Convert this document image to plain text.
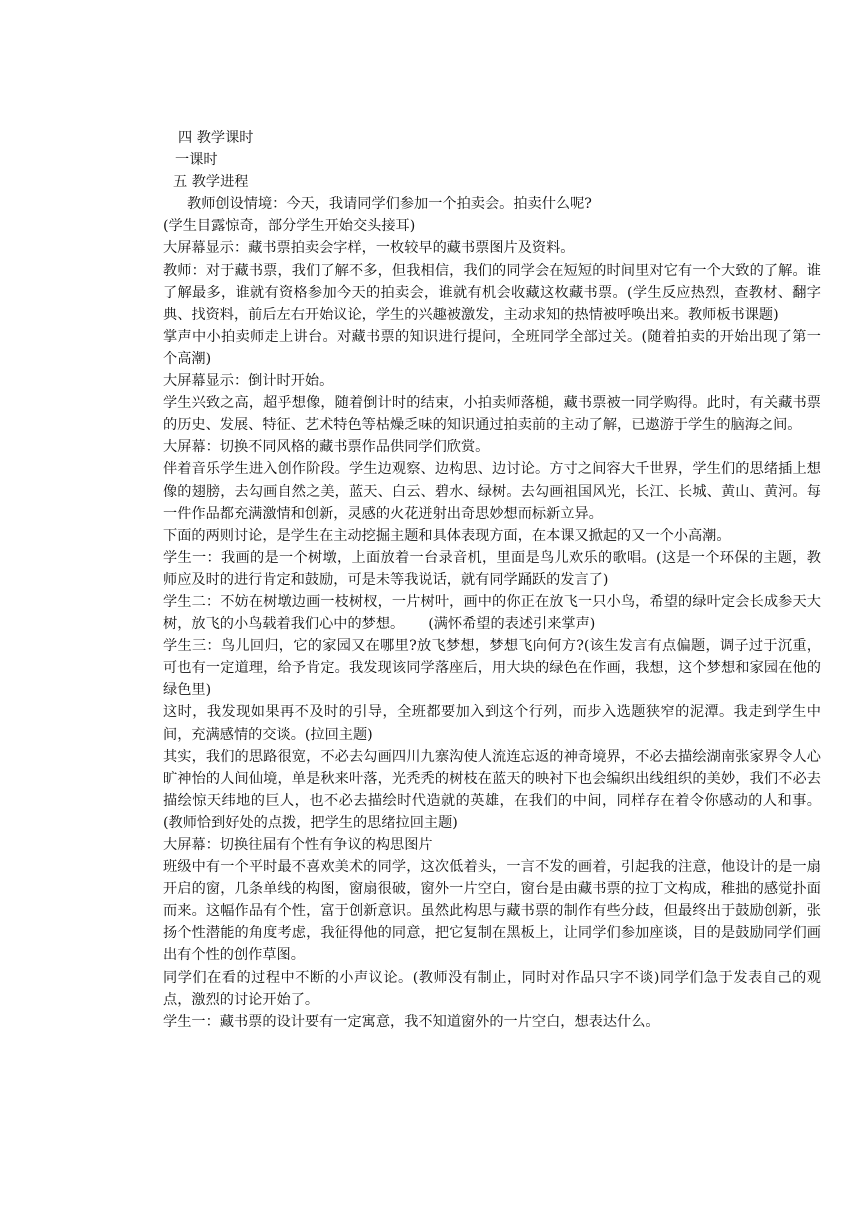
四 教学课时

一课时

五 教学进程

教师创设情境：今天，我请同学们参加一个拍卖会。拍卖什么呢?

(学生目露惊奇，部分学生开始交头接耳)

大屏幕显示：藏书票拍卖会字样，一枚较早的藏书票图片及资料。

教师：对于藏书票，我们了解不多，但我相信，我们的同学会在短短的时间里对它有一个大致的了解。谁了解最多，谁就有资格参加今天的拍卖会，谁就有机会收藏这枚藏书票。(学生反应热烈，查教材、翻字典、找资料，前后左右开始议论，学生的兴趣被激发，主动求知的热情被呼唤出来。教师板书课题)

掌声中小拍卖师走上讲台。对藏书票的知识进行提问，全班同学全部过关。(随着拍卖的开始出现了第一个高潮)

大屏幕显示：倒计时开始。

学生兴致之高，超乎想像，随着倒计时的结束，小拍卖师落槌，藏书票被一同学购得。此时，有关藏书票的历史、发展、特征、艺术特色等枯燥乏味的知识通过拍卖前的主动了解，已遨游于学生的脑海之间。

大屏幕：切换不同风格的藏书票作品供同学们欣赏。

伴着音乐学生进入创作阶段。学生边观察、边构思、边讨论。方寸之间容大千世界，学生们的思绪插上想像的翅膀，去勾画自然之美，蓝天、白云、碧水、绿树。去勾画祖国风光，长江、长城、黄山、黄河。每一件作品都充满激情和创新，灵感的火花迸射出奇思妙想而标新立异。

下面的两则讨论，是学生在主动挖掘主题和具体表现方面，在本课又掀起的又一个小高潮。

学生一：我画的是一个树墩，上面放着一台录音机，里面是鸟儿欢乐的歌唱。(这是一个环保的主题，教师应及时的进行肯定和鼓励，可是未等我说话，就有同学踊跃的发言了)

学生二：不妨在树墩边画一枝树杈，一片树叶，画中的你正在放飞一只小鸟，希望的绿叶定会长成参天大树，放飞的小鸟载着我们心中的梦想。 (满怀希望的表述引来掌声)

学生三：鸟儿回归，它的家园又在哪里?放飞梦想，梦想飞向何方?(该生发言有点偏题，调子过于沉重，可也有一定道理，给予肯定。我发现该同学落座后，用大块的绿色在作画，我想，这个梦想和家园在他的绿色里)

这时，我发现如果再不及时的引导，全班都要加入到这个行列，而步入选题狭窄的泥潭。我走到学生中间，充满感情的交谈。(拉回主题)

其实，我们的思路很宽，不必去勾画四川九寨沟使人流连忘返的神奇境界，不必去描绘湖南张家界令人心旷神怡的人间仙境，单是秋来叶落，光秃秃的树枝在蓝天的映衬下也会编织出线组织的美妙，我们不必去描绘惊天纬地的巨人，也不必去描绘时代造就的英雄，在我们的中间，同样存在着令你感动的人和事。(教师恰到好处的点拨，把学生的思绪拉回主题)

大屏幕：切换往届有个性有争议的构思图片

班级中有一个平时最不喜欢美术的同学，这次低着头，一言不发的画着，引起我的注意，他设计的是一扇开启的窗，几条单线的构图，窗扇很破，窗外一片空白，窗台是由藏书票的拉丁文构成，稚拙的感觉扑面而来。这幅作品有个性，富于创新意识。虽然此构思与藏书票的制作有些分歧，但最终出于鼓励创新，张扬个性潜能的角度考虑，我征得他的同意，把它复制在黑板上，让同学们参加座谈，目的是鼓励同学们画出有个性的创作草图。

同学们在看的过程中不断的小声议论。(教师没有制止，同时对作品只字不谈)同学们急于发表自己的观点，激烈的讨论开始了。

学生一：藏书票的设计要有一定寓意，我不知道窗外的一片空白，想表达什么。
